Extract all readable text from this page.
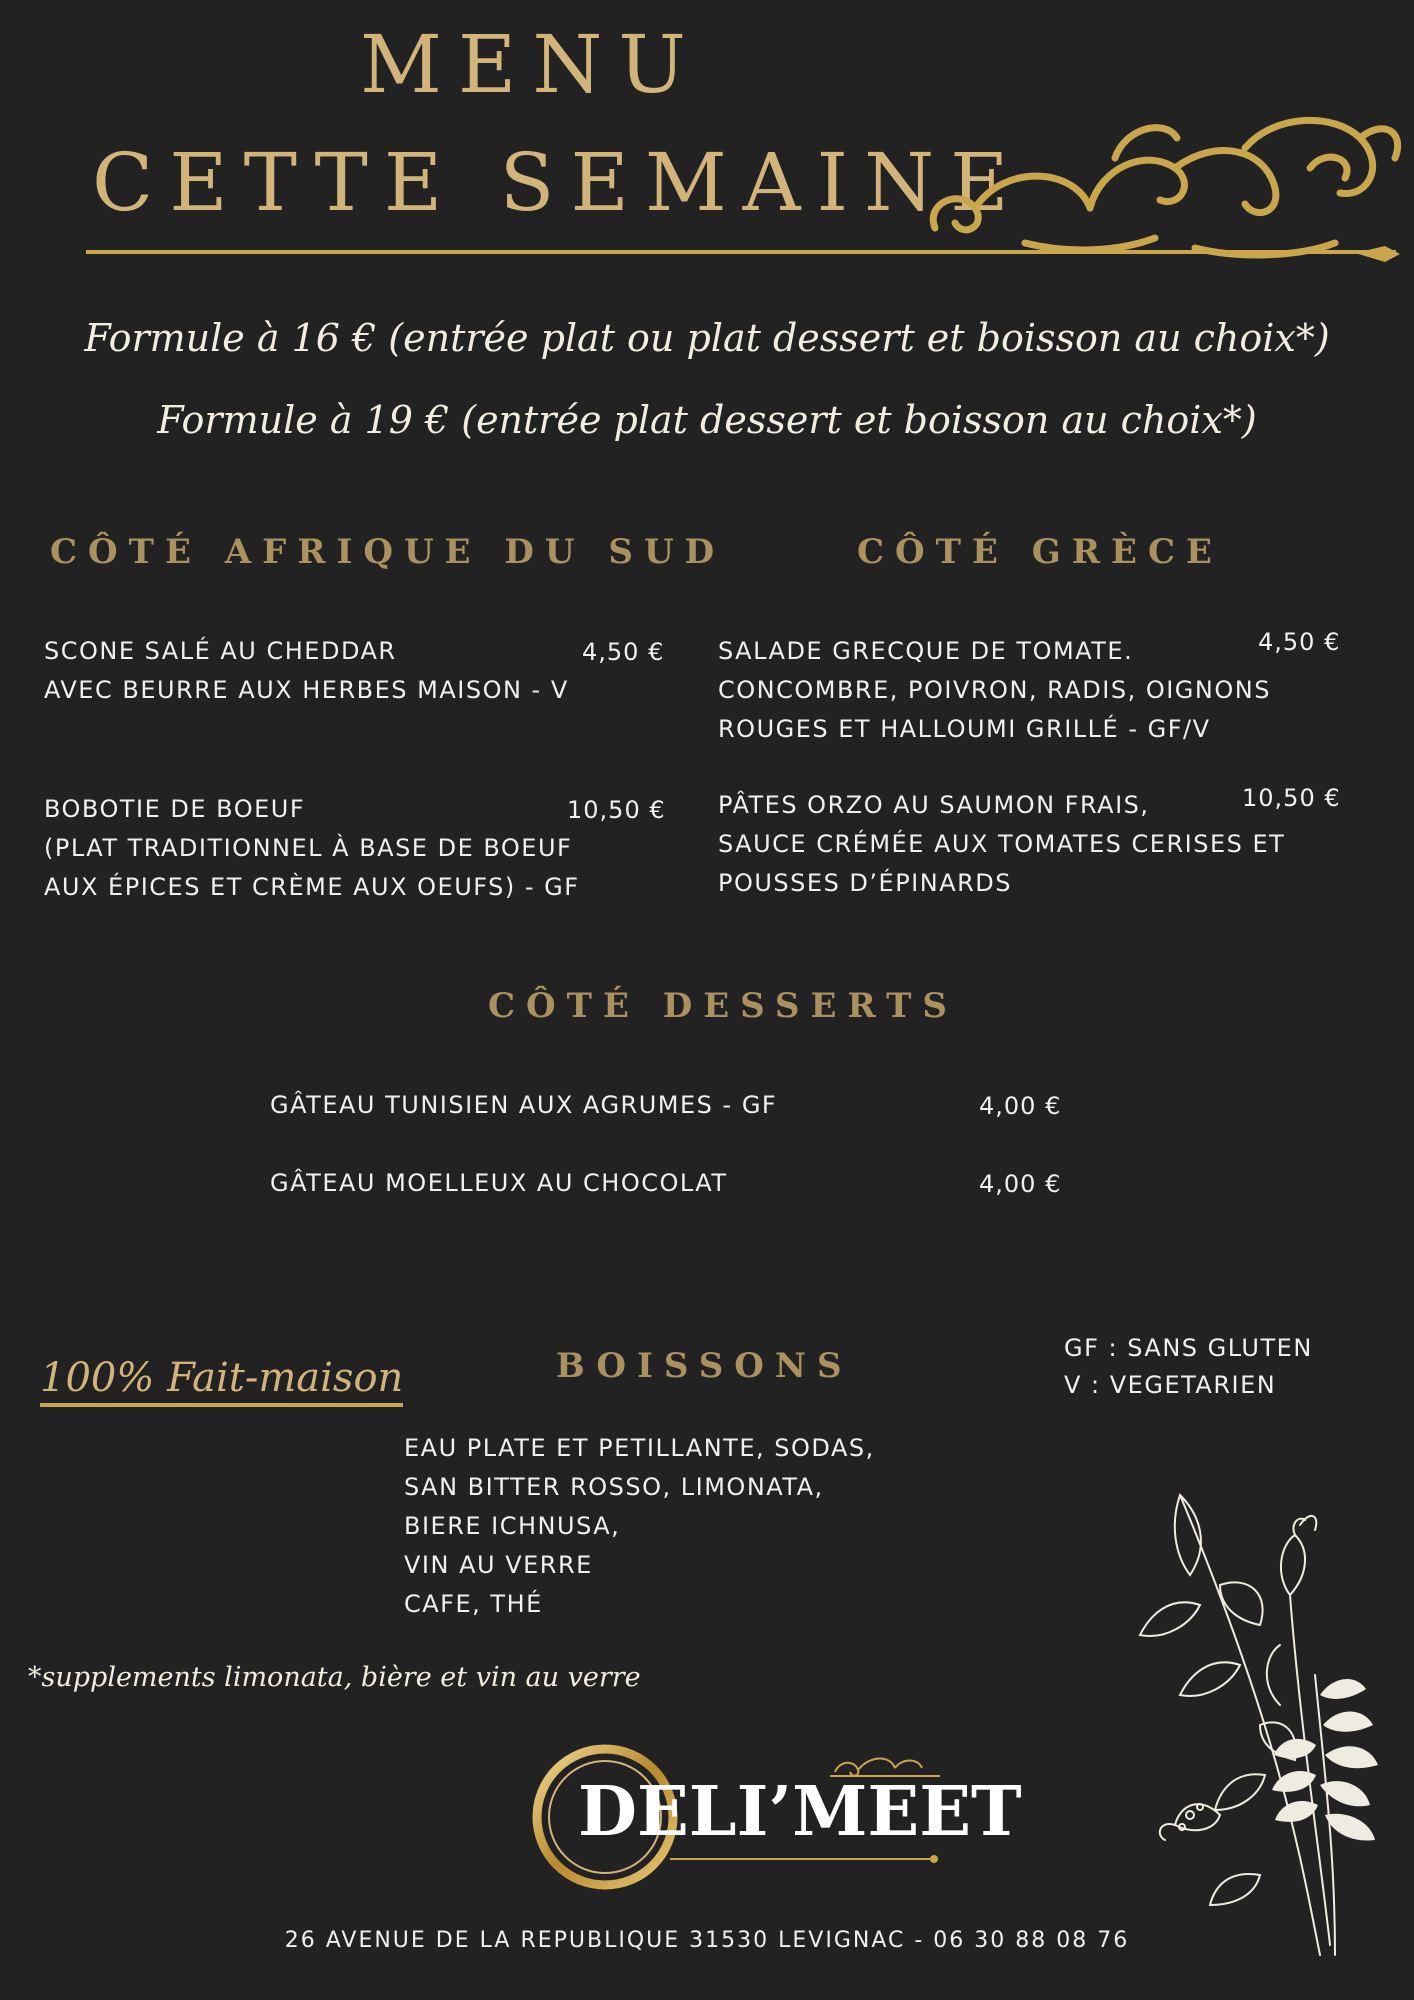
MENU
CETTE SEMAINE
Formule à 16 € (entrée plat ou plat dessert et boisson au choix*)
Formule à 19 € (entrée plat dessert et boisson au choix*)
CÔTÉ AFRIQUE DU SUD
SCONE SALÉ AU CHEDDAR
AVEC BEURRE AUX HERBES MAISON - V
4,50 €
BOBOTIE DE BOEUF
(PLAT TRADITIONNEL À BASE DE BOEUF
AUX ÉPICES ET CRÈME AUX OEUFS) - GF
10,50 €
CÔTÉ GRÈCE
SALADE GRECQUE DE TOMATE.
CONCOMBRE, POIVRON, RADIS, OIGNONS
ROUGES ET HALLOUMI GRILLÉ - GF/V
4,50 €
PÂTES ORZO AU SAUMON FRAIS,
SAUCE CRÉMÉE AUX TOMATES CERISES ET
POUSSES D’ÉPINARDS
10,50 €
CÔTÉ DESSERTS
GÂTEAU TUNISIEN AUX AGRUMES - GF	4,00 €
GÂTEAU MOELLEUX AU CHOCOLAT	4,00 €
100% Fait-maison	BOISSONS
EAU PLATE ET PETILLANTE, SODAS,
SAN BITTER ROSSO, LIMONATA,
BIERE ICHNUSA,
VIN AU VERRE
CAFE, THÉ
GF : SANS GLUTEN
V : VEGETARIEN
*supplements limonata, bière et vin au verre
DELI’MEET
26 AVENUE DE LA REPUBLIQUE 31530 LEVIGNAC - 06 30 88 08 76
